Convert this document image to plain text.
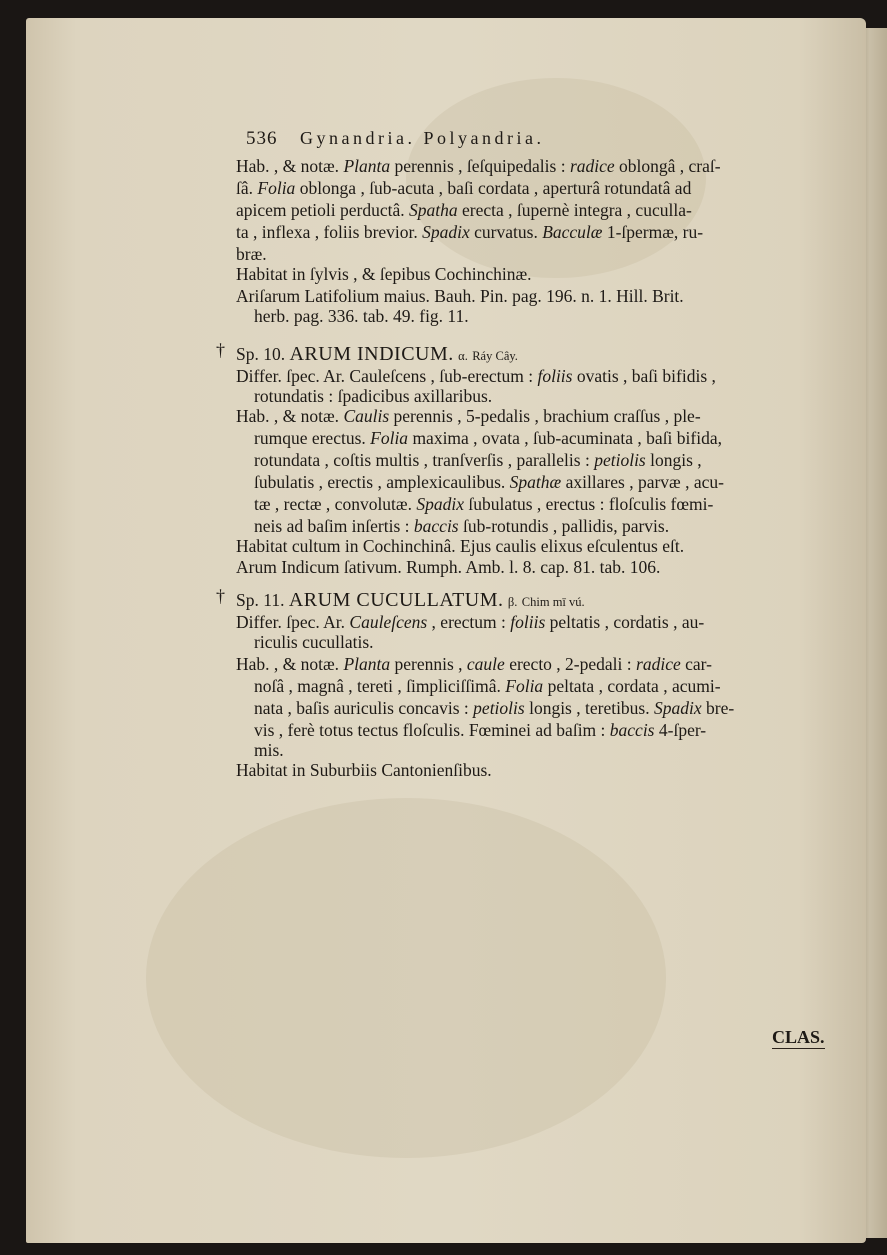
536 Gynandria. Polyandria.
Hab. , & notæ. Planta perennis , ſeſquipedalis : radice oblongâ , craſ-
ſâ. Folia oblonga , ſub-acuta , baſi cordata , aperturâ rotundatâ ad
apicem petioli perductâ. Spatha erecta , ſupernè integra , cuculla-
ta , inflexa , foliis brevior. Spadix curvatus. Bacculæ 1-ſpermæ, ru-
bræ.
Habitat in ſylvis , & ſepibus Cochinchinæ.
Ariſarum Latifolium maius. Bauh. Pin. pag. 196. n. 1. Hill. Brit.
herb. pag. 336. tab. 49. fig. 11.
† Sp. 10. ARUM INDICUM. α. Ráy Cây.
Differ. ſpec. Ar. Cauleſcens , ſub-erectum : foliis ovatis , baſi bifidis ,
rotundatis : ſpadicibus axillaribus.
Hab. , & notæ. Caulis perennis , 5-pedalis , brachium craſſus , ple-
rumque erectus. Folia maxima , ovata , ſub-acuminata , baſi bifida,
rotundata , coſtis multis , tranſverſis , parallelis : petiolis longis ,
ſubulatis , erectis , amplexicaulibus. Spathæ axillares , parvæ , acu-
tæ , rectæ , convolutæ. Spadix ſubulatus , erectus : floſculis fœmi-
neis ad baſim inſertis : baccis ſub-rotundis , pallidis, parvis.
Habitat cultum in Cochinchinâ. Ejus caulis elixus eſculentus eſt.
Arum Indicum ſativum. Rumph. Amb. l. 8. cap. 81. tab. 106.
† Sp. 11. ARUM CUCULLATUM. β. Chim mī vú.
Differ. ſpec. Ar. Cauleſcens , erectum : foliis peltatis , cordatis , au-
riculis cucullatis.
Hab. , & notæ. Planta perennis , caule erecto , 2-pedali : radice car-
noſâ , magnâ , tereti , ſimpliciſſimâ. Folia peltata , cordata , acumi-
nata , baſis auriculis concavis : petiolis longis , teretibus. Spadix bre-
vis , ferè totus tectus floſculis. Fœminei ad baſim : baccis 4-ſper-
mis.
Habitat in Suburbiis Cantonienſibus.
CLAS.
